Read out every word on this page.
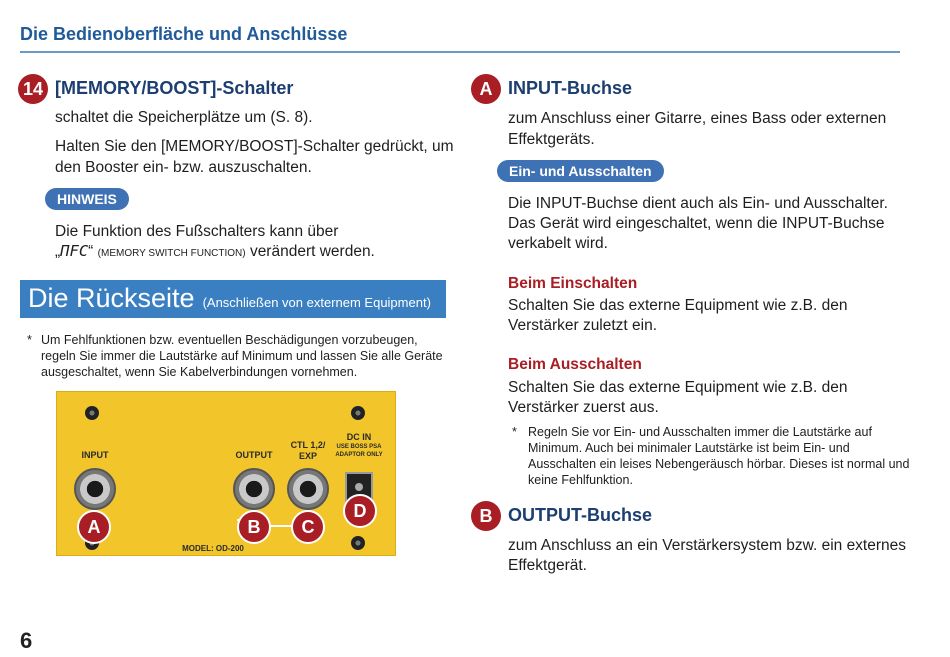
Die Bedienoberfläche und Anschlüsse
14 [MEMORY/BOOST]-Schalter
schaltet die Speicherplätze um (S. 8).
Halten Sie den [MEMORY/BOOST]-Schalter gedrückt, um
den Booster ein- bzw. auszuschalten.
HINWEIS
Die Funktion des Fußschalters kann über
„ΠFC“ (MEMORY SWITCH FUNCTION) verändert werden.
Die Rückseite (Anschließen von externem Equipment)
* Um Fehlfunktionen bzw. eventuellen Beschädigungen vorzubeugen,
regeln Sie immer die Lautstärke auf Minimum und lassen Sie alle Geräte
ausgeschaltet, wenn Sie Kabelverbindungen vornehmen.
INPUT	OUTPUT
CTL 1,2/
EXP
DC IN
USE BOSS PSA
ADAPTOR ONLY
A	B	C
D
MODEL: OD-200
A INPUT-Buchse
zum Anschluss einer Gitarre, eines Bass oder externen
Effektgeräts.
Ein- und Ausschalten
Die INPUT-Buchse dient auch als Ein- und Ausschalter.
Das Gerät wird eingeschaltet, wenn die INPUT-Buchse
verkabelt wird.
Beim Einschalten
Schalten Sie das externe Equipment wie z.B. den
Verstärker zuletzt ein.
Beim Ausschalten
Schalten Sie das externe Equipment wie z.B. den
Verstärker zuerst aus.
* Regeln Sie vor Ein- und Ausschalten immer die Lautstärke auf
Minimum. Auch bei minimaler Lautstärke ist beim Ein- und
Ausschalten ein leises Nebengeräusch hörbar. Dieses ist normal und
keine Fehlfunktion.
B OUTPUT-Buchse
zum Anschluss an ein Verstärkersystem bzw. ein externes
Effektgerät.
6
